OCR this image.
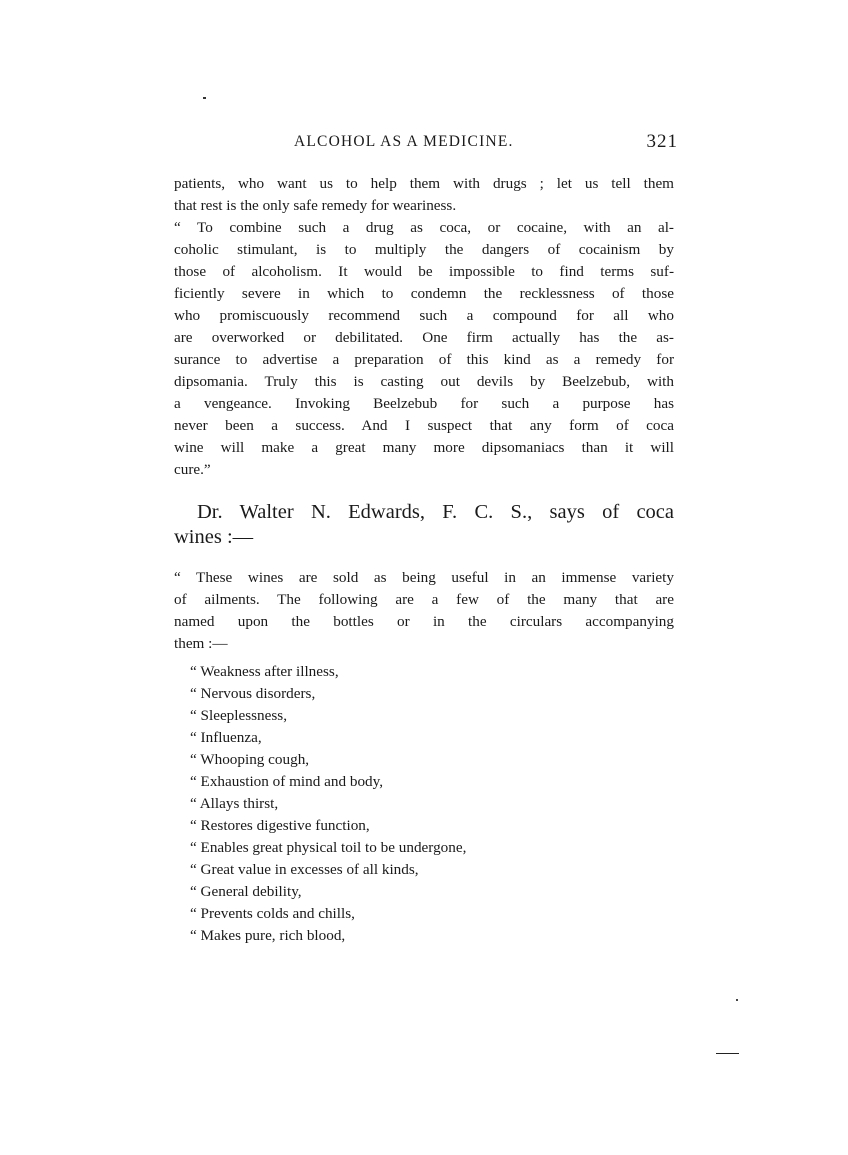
ALCOHOL AS A MEDICINE.	321
patients, who want us to help them with drugs ; let us tell them
that rest is the only safe remedy for weariness.
“ To combine such a drug as coca, or cocaine, with an al-
coholic stimulant, is to multiply the dangers of cocainism by
those of alcoholism. It would be impossible to find terms suf-
ficiently severe in which to condemn the recklessness of those
who promiscuously recommend such a compound for all who
are overworked or debilitated. One firm actually has the as-
surance to advertise a preparation of this kind as a remedy for
dipsomania. Truly this is casting out devils by Beelzebub, with
a vengeance. Invoking Beelzebub for such a purpose has
never been a success. And I suspect that any form of coca
wine will make a great many more dipsomaniacs than it will
cure.”
Dr. Walter N. Edwards, F. C. S., says of coca
wines :—
“ These wines are sold as being useful in an immense variety
of ailments. The following are a few of the many that are
named upon the bottles or in the circulars accompanying
them :—
“ Weakness after illness,
“ Nervous disorders,
“ Sleeplessness,
“ Influenza,
“ Whooping cough,
“ Exhaustion of mind and body,
“ Allays thirst,
“ Restores digestive function,
“ Enables great physical toil to be undergone,
“ Great value in excesses of all kinds,
“ General debility,
“ Prevents colds and chills,
“ Makes pure, rich blood,
